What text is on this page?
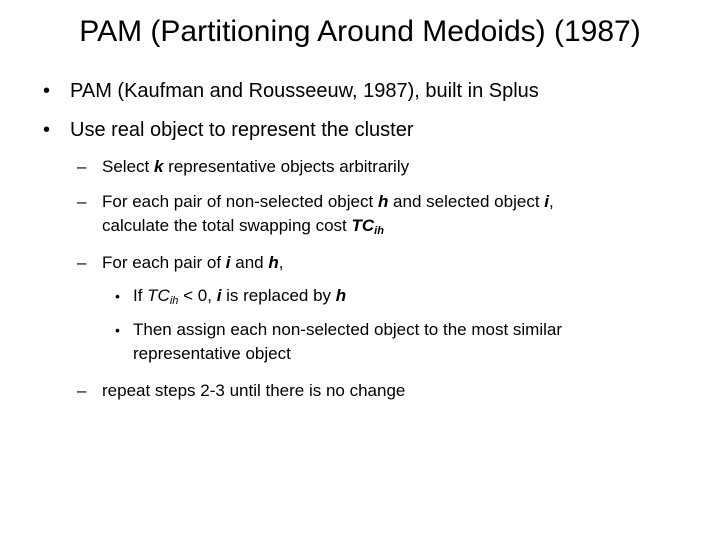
PAM (Partitioning Around Medoids) (1987)
• PAM (Kaufman and Rousseeuw, 1987), built in Splus
• Use real object to represent the cluster
– Select k representative objects arbitrarily
– For each pair of non-selected object h and selected object i,
calculate the total swapping cost $TC_{ih}$
– For each pair of i and h,
• If $TC_{ih} < 0$, i is replaced by h
• Then assign each non-selected object to the most similar
representative object
– repeat steps 2-3 until there is no change
